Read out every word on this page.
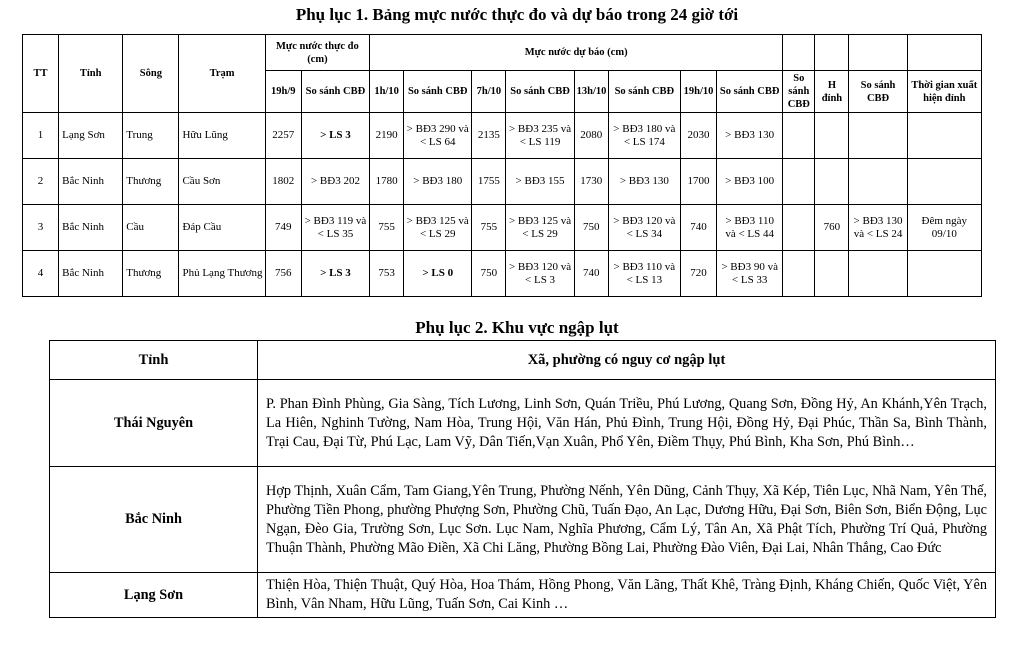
Phụ lục 1. Bảng mực nước thực đo và dự báo trong 24 giờ tới
TT	Tỉnh	Sông	Trạm	Mực nước thực đo (cm)		Mực nước dự báo (cm)											
				19h/9	So sánh CBĐ	1h/10	So sánh CBĐ	7h/10	So sánh CBĐ	13h/10	So sánh CBĐ	19h/10	So sánh CBĐ	So sánh CBĐ	H đỉnh	So sánh CBĐ	Thời gian xuất hiện đỉnh
1	Lạng Sơn	Trung	Hữu Lũng	2257	> LS 3	2190	> BĐ3 290 và < LS 64	2135	> BĐ3 235 và < LS 119	2080	> BĐ3 180 và < LS 174	2030	> BĐ3 130				
2	Bắc Ninh	Thương	Cầu Sơn	1802	> BĐ3 202	1780	> BĐ3 180	1755	> BĐ3 155	1730	> BĐ3 130	1700	> BĐ3 100				
3	Bắc Ninh	Cầu	Đáp Cầu	749	> BĐ3 119 và < LS 35	755	> BĐ3 125 và < LS 29	755	> BĐ3 125 và < LS 29	750	> BĐ3 120 và < LS 34	740	> BĐ3 110 và < LS 44		760	> BĐ3 130 và < LS 24	Đêm ngày 09/10
4	Bắc Ninh	Thương	Phủ Lạng Thương	756	> LS 3	753	> LS 0	750	> BĐ3 120 và < LS 3	740	> BĐ3 110 và < LS 13	720	> BĐ3 90 và < LS 33				
Phụ lục 2. Khu vực ngập lụt
Tỉnh	Xã, phường có nguy cơ ngập lụt
Thái Nguyên	P. Phan Đình Phùng, Gia Sàng, Tích Lương, Linh Sơn, Quán Triều, Phú Lương, Quang Sơn, Đồng Hỷ, An Khánh,Yên Trạch, La Hiên, Nghinh Tường, Nam Hòa, Trung Hội, Văn Hán, Phủ Đình, Trung Hội, Đồng Hỷ, Đại Phúc, Thần Sa, Bình Thành, Trại Cau, Đại Từ, Phú Lạc, Lam Vỹ, Dân Tiến,Vạn Xuân, Phổ Yên, Điềm Thụy, Phú Bình, Kha Sơn, Phú Bình…
Bắc Ninh	Hợp Thịnh, Xuân Cẩm, Tam Giang,Yên Trung, Phường Nếnh, Yên Dũng, Cảnh Thụy, Xã Kép, Tiên Lục, Nhã Nam, Yên Thế, Phường Tiền Phong, phường Phượng Sơn, Phường Chũ, Tuấn Đạo, An Lạc, Dương Hữu, Đại Sơn, Biên Sơn, Biển Động, Lục Ngạn, Đèo Gia, Trường Sơn, Lục Sơn. Lục Nam, Nghĩa Phương, Cẩm Lý, Tân An, Xã Phật Tích, Phường Trí Quả, Phường Thuận Thành, Phường Mão Điền, Xã Chi Lăng, Phường Bồng Lai, Phường Đào Viên, Đại Lai, Nhân Thắng, Cao Đức
Lạng Sơn	Thiện Hòa, Thiện Thuật, Quý Hòa, Hoa Thám, Hồng Phong, Văn Lãng, Thất Khê, Tràng Định, Kháng Chiến, Quốc Việt, Yên Bình, Vân Nham, Hữu Lũng, Tuấn Sơn, Cai Kinh …
